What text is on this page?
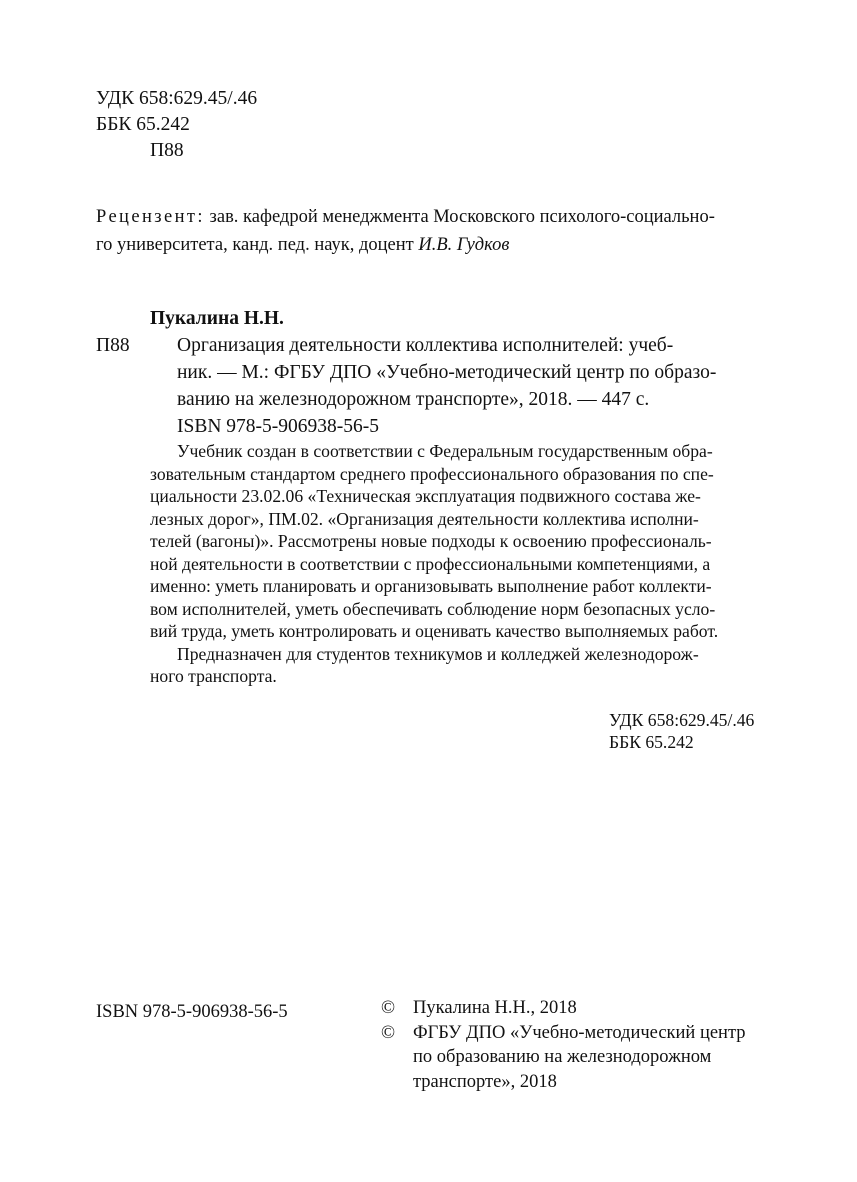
УДК 658:629.45/.46
ББК 65.242
П88
Рецензент: зав. кафедрой менеджмента Московского психолого-социально-
го университета, канд. пед. наук, доцент И.В. Гудков
Пукалина Н.Н.
П88 Организация деятельности коллектива исполнителей: учеб-
ник. — М.: ФГБУ ДПО «Учебно-методический центр по образо-
ванию на железнодорожном транспорте», 2018. — 447 с.
ISBN 978-5-906938-56-5
Учебник создан в соответствии с Федеральным государственным обра-
зовательным стандартом среднего профессионального образования по спе-
циальности 23.02.06 «Техническая эксплуатация подвижного состава же-
лезных дорог», ПМ.02. «Организация деятельности коллектива исполни-
телей (вагоны)». Рассмотрены новые подходы к освоению профессиональ-
ной деятельности в соответствии с профессиональными компетенциями, а
именно: уметь планировать и организовывать выполнение работ коллекти-
вом исполнителей, уметь обеспечивать соблюдение норм безопасных усло-
вий труда, уметь контролировать и оценивать качество выполняемых работ.
Предназначен для студентов техникумов и колледжей железнодорож-
ного транспорта.
УДК 658:629.45/.46
ББК 65.242
ISBN 978-5-906938-56-5	© Пукалина Н.Н., 2018
© ФГБУ ДПО «Учебно-методический центр
по образованию на железнодорожном
транспорте», 2018
